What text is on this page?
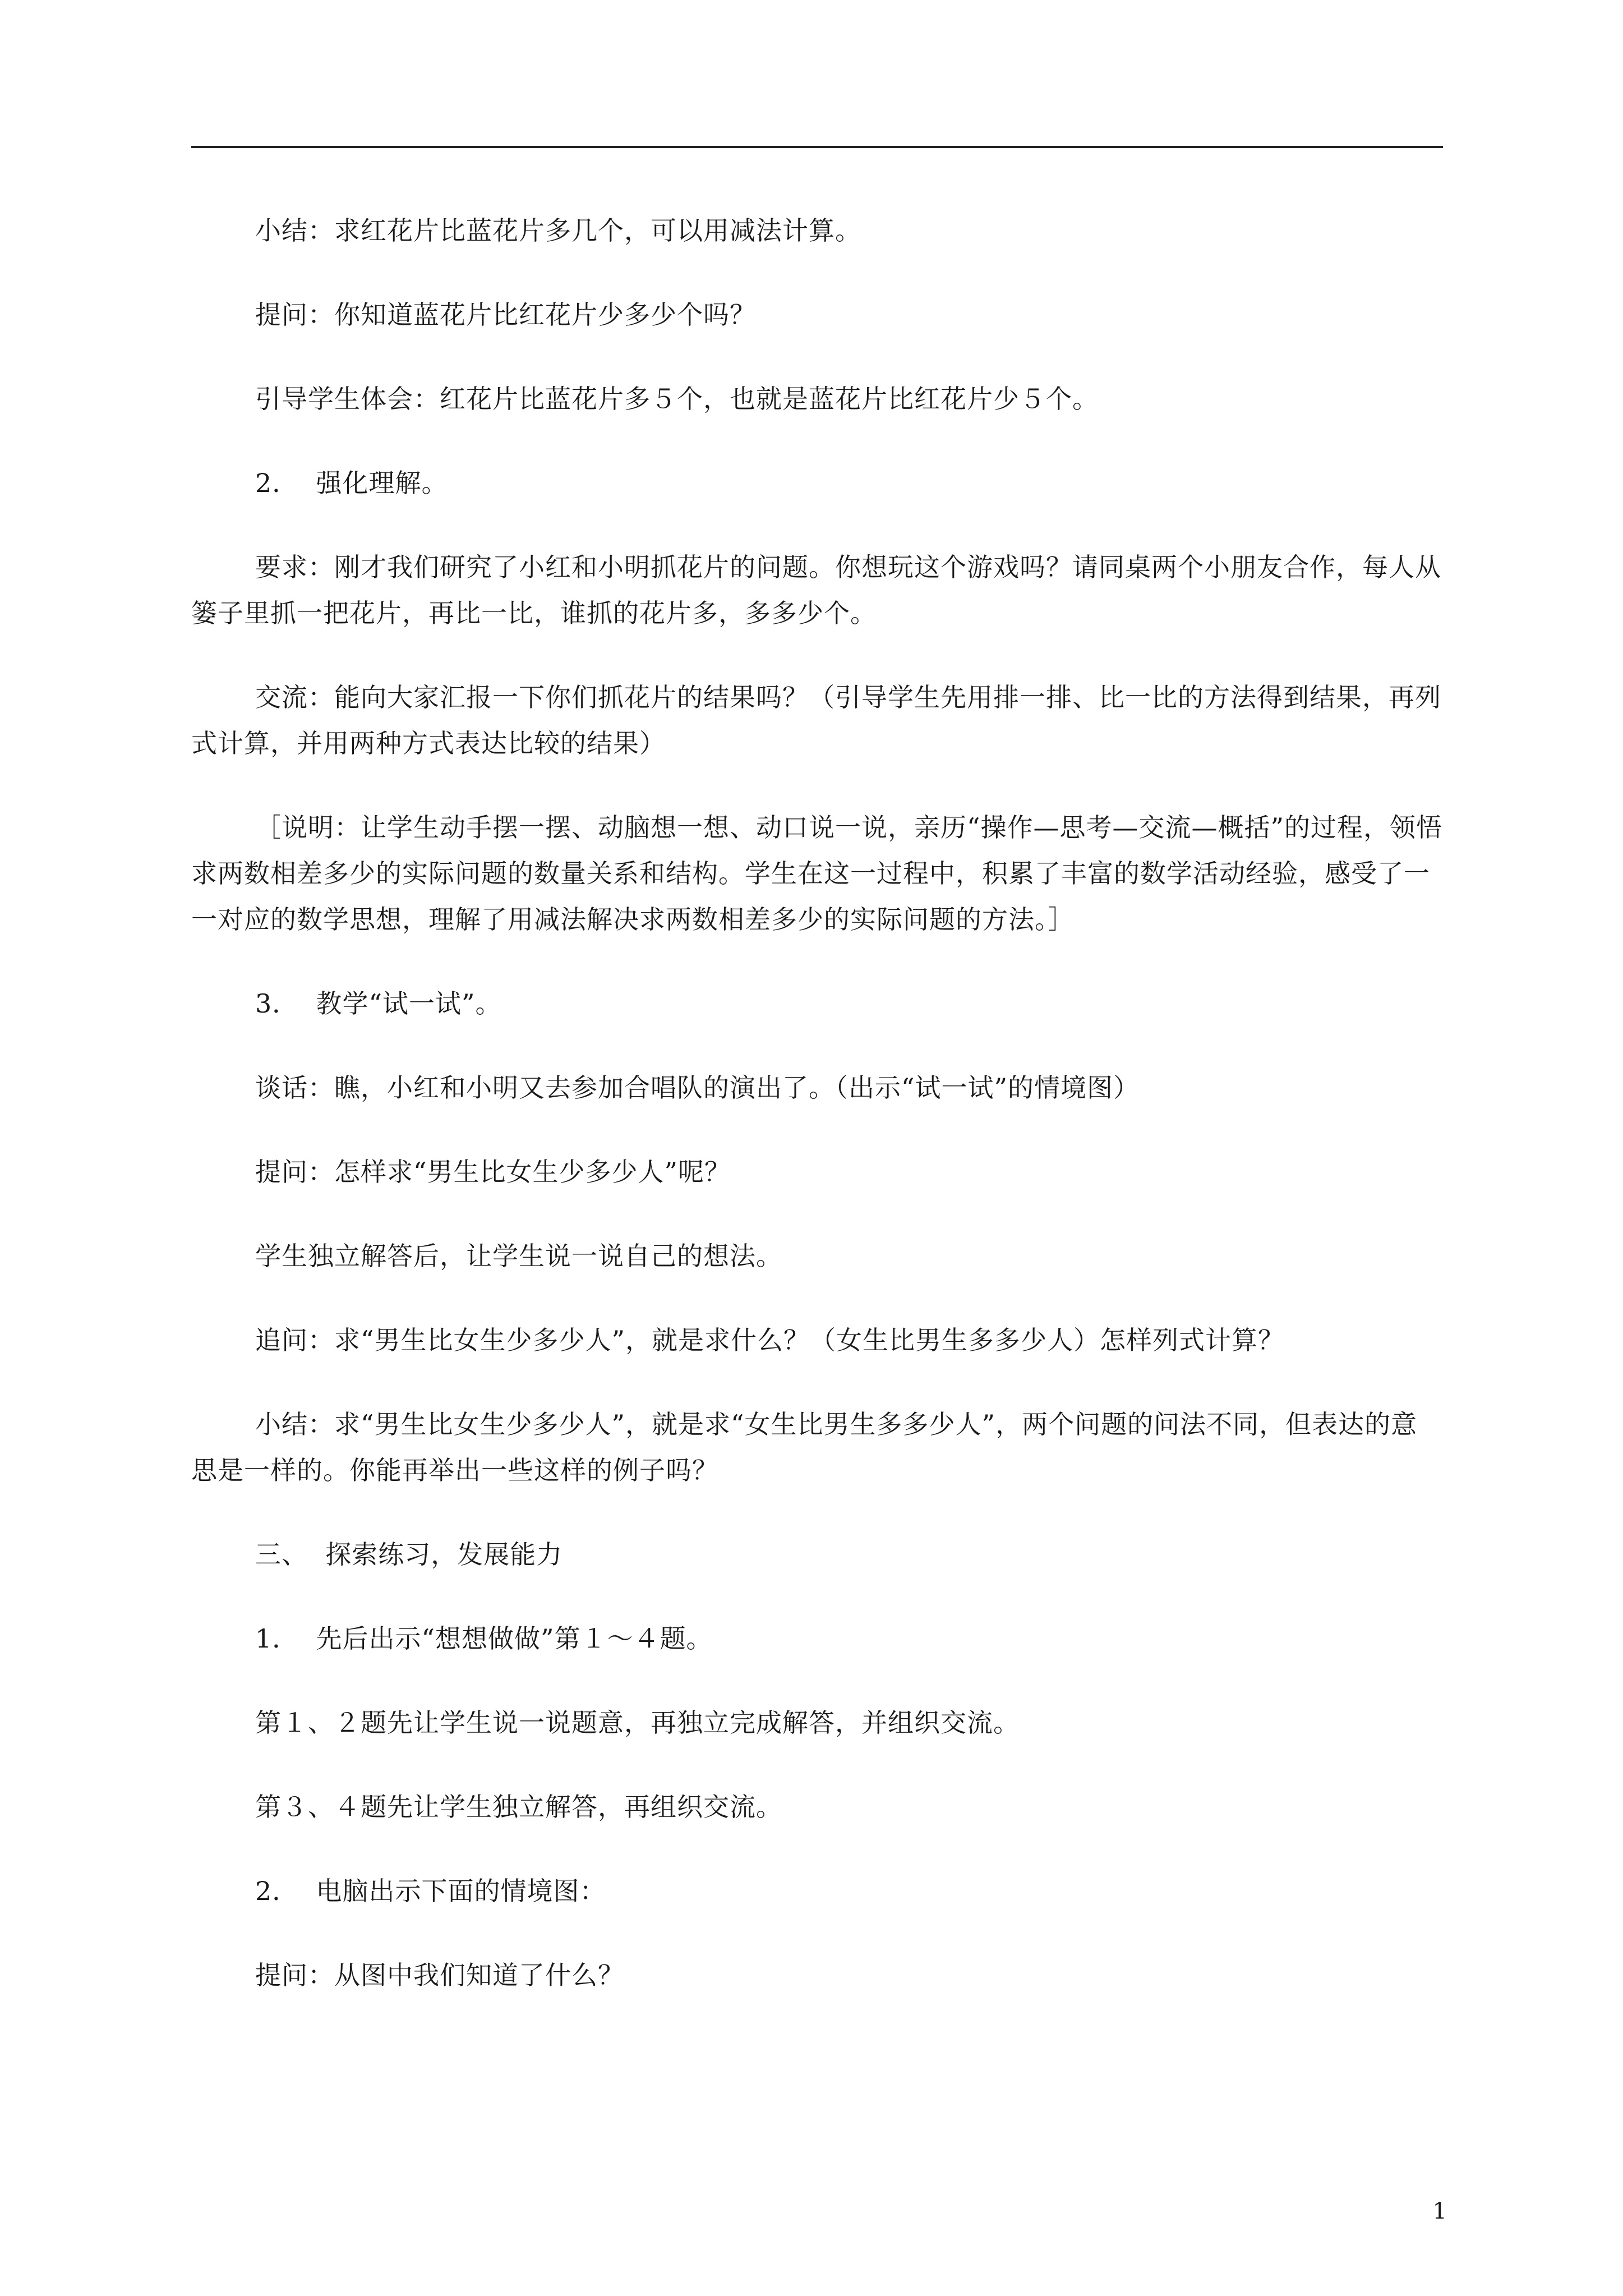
小结：求红花片比蓝花片多几个，可以用减法计算。

提问：你知道蓝花片比红花片少多少个吗？

引导学生体会：红花片比蓝花片多５个，也就是蓝花片比红花片少５个。

2．  强化理解。

要求：刚才我们研究了小红和小明抓花片的问题。你想玩这个游戏吗？请同桌两个小朋友合作，每人从篓子里抓一把花片，再比一比，谁抓的花片多，多多少个。

交流：能向大家汇报一下你们抓花片的结果吗？（引导学生先用排一排、比一比的方法得到结果，再列式计算，并用两种方式表达比较的结果）

［说明：让学生动手摆一摆、动脑想一想、动口说一说，亲历“操作—思考—交流—概括”的过程，领悟求两数相差多少的实际问题的数量关系和结构。学生在这一过程中，积累了丰富的数学活动经验，感受了一一对应的数学思想，理解了用减法解决求两数相差多少的实际问题的方法。］

3．  教学“试一试”。

谈话：瞧，小红和小明又去参加合唱队的演出了。（出示“试一试”的情境图）

提问：怎样求“男生比女生少多少人”呢？

学生独立解答后，让学生说一说自己的想法。

追问：求“男生比女生少多少人”，就是求什么？（女生比男生多多少人）怎样列式计算？

小结：求“男生比女生少多少人”，就是求“女生比男生多多少人”，两个问题的问法不同，但表达的意思是一样的。你能再举出一些这样的例子吗？

三、  探索练习，发展能力

1．  先后出示“想想做做”第１～４题。

第１、２题先让学生说一说题意，再独立完成解答，并组织交流。

第３、４题先让学生独立解答，再组织交流。

2．  电脑出示下面的情境图：

提问：从图中我们知道了什么？

1
